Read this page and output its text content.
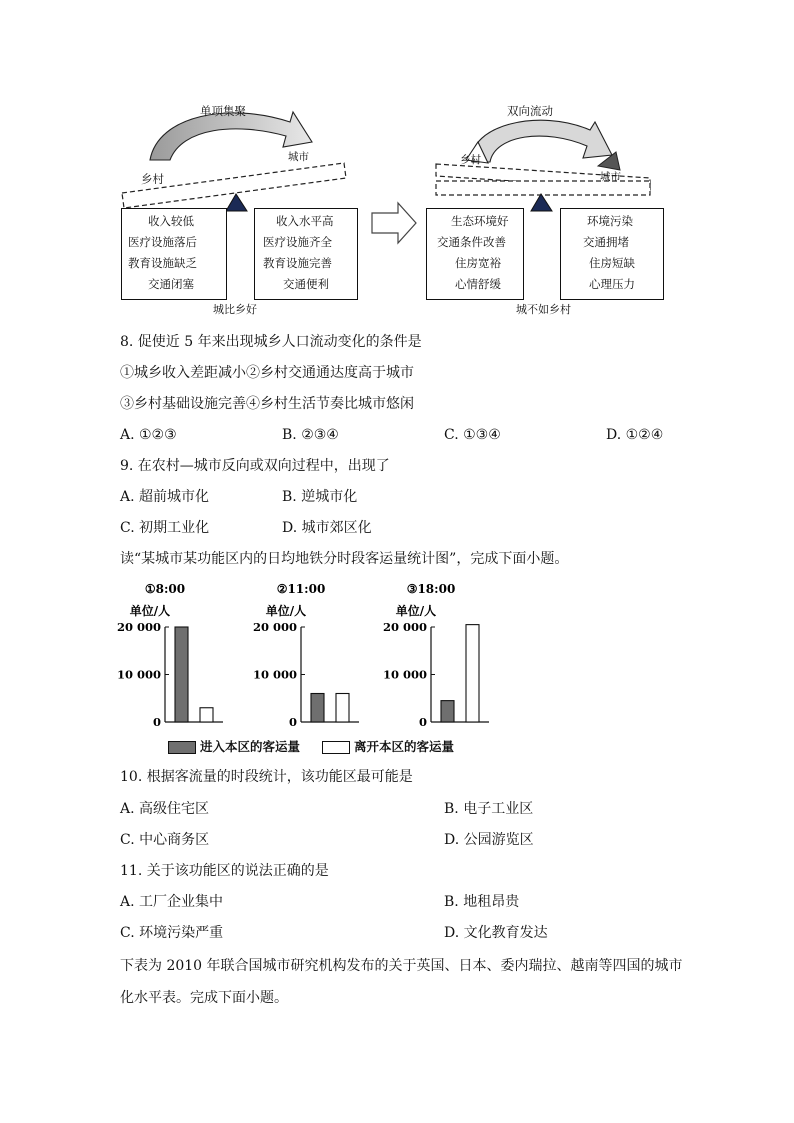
单项集聚
乡村
城市
收入较低
医疗设施落后
教育设施缺乏
交通闭塞
收入水平高
医疗设施齐全
教育设施完善
交通便利
城比乡好
双向流动
乡村
城市
生态环境好
交通条件改善
住房宽裕
心情舒缓
环境污染
交通拥堵
住房短缺
心理压力
城不如乡村
8. 促使近 5 年来出现城乡人口流动变化的条件是
①城乡收入差距减小②乡村交通通达度高于城市
③乡村基础设施完善④乡村生活节奏比城市悠闲
A. ①②③	B. ②③④	C. ①③④	D. ①②④
9. 在农村—城市反向或双向过程中，出现了
A. 超前城市化	B. 逆城市化
C. 初期工业化	D. 城市郊区化
读“某城市某功能区内的日均地铁分时段客运量统计图”，完成下面小题。
①8:00
单位/人
20 000
10 000
0
②11:00
单位/人
20 000
10 000
0
③18:00
单位/人
20 000
10 000
0
进入本区的客运量	离开本区的客运量
10. 根据客流量的时段统计，该功能区最可能是
A. 高级住宅区	B. 电子工业区
C. 中心商务区	D. 公园游览区
11. 关于该功能区的说法正确的是
A. 工厂企业集中	B. 地租昂贵
C. 环境污染严重	D. 文化教育发达
下表为 2010 年联合国城市研究机构发布的关于英国、日本、委内瑞拉、越南等四国的城市
化水平表。完成下面小题。
